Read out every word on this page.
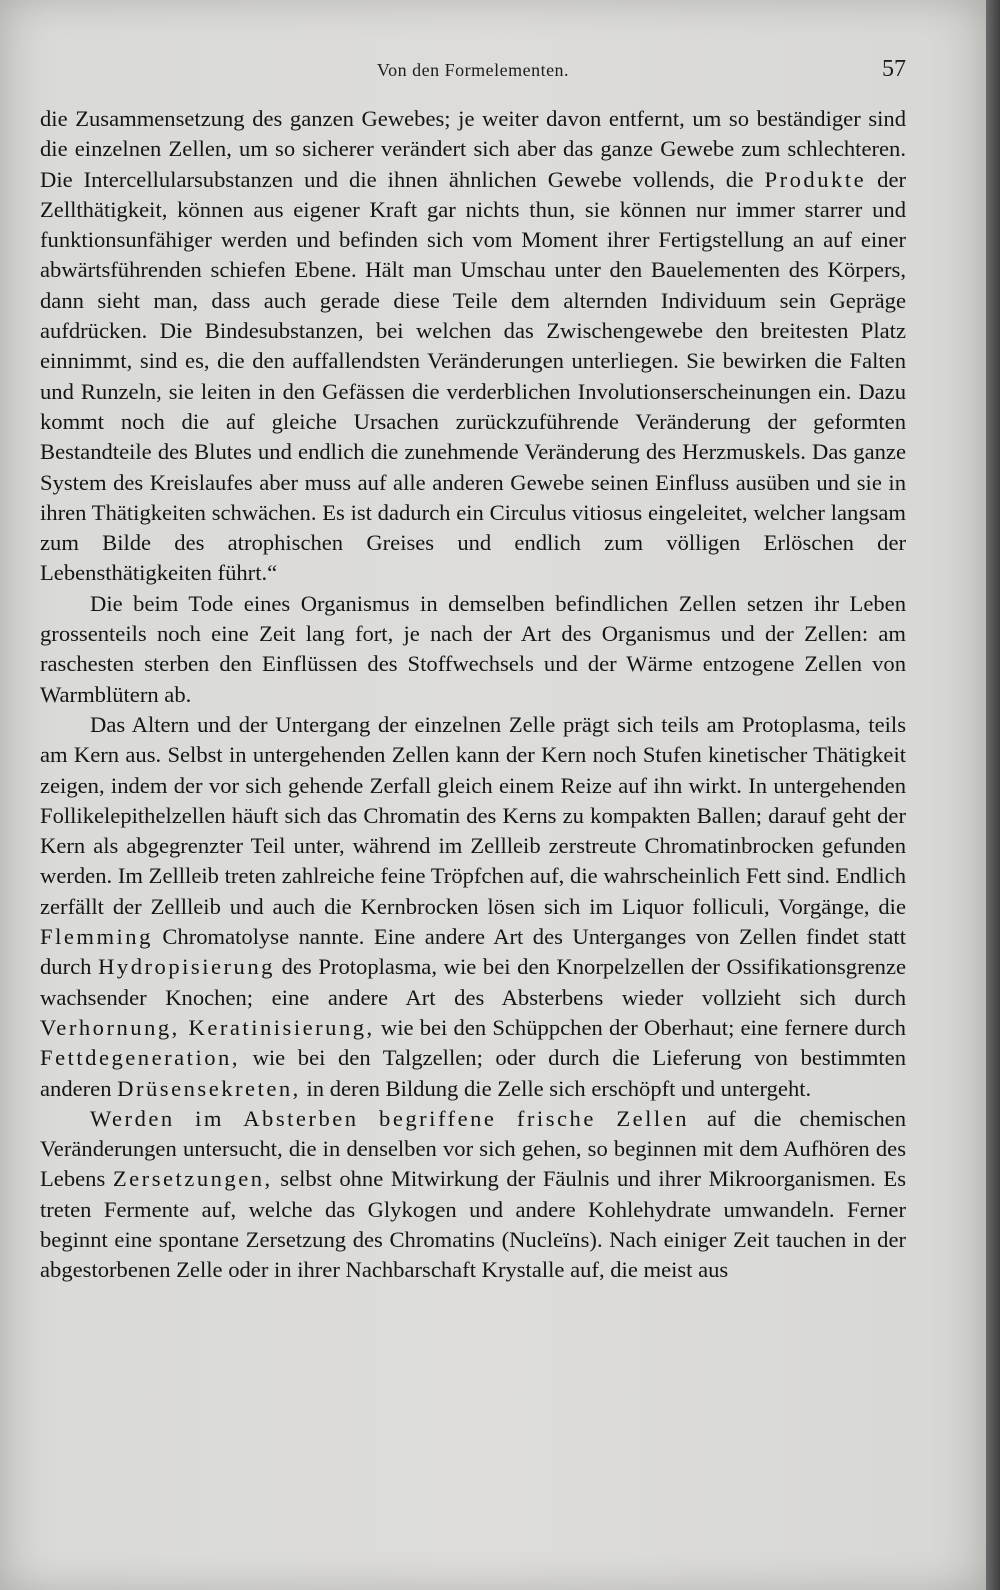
Von den Formelementen.	57

die Zusammensetzung des ganzen Gewebes; je weiter davon entfernt, um so beständiger sind die einzelnen Zellen, um so sicherer verändert sich aber das ganze Gewebe zum schlechteren. Die Intercellularsubstanzen und die ihnen ähnlichen Gewebe vollends, die Produkte der Zellthätigkeit, können aus eigener Kraft gar nichts thun, sie können nur immer starrer und funktionsunfähiger werden und befinden sich vom Moment ihrer Fertigstellung an auf einer abwärtsführenden schiefen Ebene. Hält man Umschau unter den Bauelementen des Körpers, dann sieht man, dass auch gerade diese Teile dem alternden Individuum sein Gepräge aufdrücken. Die Bindesubstanzen, bei welchen das Zwischengewebe den breitesten Platz einnimmt, sind es, die den auffallendsten Veränderungen unterliegen. Sie bewirken die Falten und Runzeln, sie leiten in den Gefässen die verderblichen Involutionserscheinungen ein. Dazu kommt noch die auf gleiche Ursachen zurückzuführende Veränderung der geformten Bestandteile des Blutes und endlich die zunehmende Veränderung des Herzmuskels. Das ganze System des Kreislaufes aber muss auf alle anderen Gewebe seinen Einfluss ausüben und sie in ihren Thätigkeiten schwächen. Es ist dadurch ein Circulus vitiosus eingeleitet, welcher langsam zum Bilde des atrophischen Greises und endlich zum völligen Erlöschen der Lebensthätigkeiten führt.“

Die beim Tode eines Organismus in demselben befindlichen Zellen setzen ihr Leben grossenteils noch eine Zeit lang fort, je nach der Art des Organismus und der Zellen: am raschesten sterben den Einflüssen des Stoffwechsels und der Wärme entzogene Zellen von Warmblütern ab.

Das Altern und der Untergang der einzelnen Zelle prägt sich teils am Protoplasma, teils am Kern aus. Selbst in untergehenden Zellen kann der Kern noch Stufen kinetischer Thätigkeit zeigen, indem der vor sich gehende Zerfall gleich einem Reize auf ihn wirkt. In untergehenden Follikelepithelzellen häuft sich das Chromatin des Kerns zu kompakten Ballen; darauf geht der Kern als abgegrenzter Teil unter, während im Zellleib zerstreute Chromatinbrocken gefunden werden. Im Zellleib treten zahlreiche feine Tröpfchen auf, die wahrscheinlich Fett sind. Endlich zerfällt der Zellleib und auch die Kernbrocken lösen sich im Liquor folliculi, Vorgänge, die Flemming Chromatolyse nannte. Eine andere Art des Unterganges von Zellen findet statt durch Hydropisierung des Protoplasma, wie bei den Knorpelzellen der Ossifikationsgrenze wachsender Knochen; eine andere Art des Absterbens wieder vollzieht sich durch Verhornung, Keratinisierung, wie bei den Schüppchen der Oberhaut; eine fernere durch Fettdegeneration, wie bei den Talgzellen; oder durch die Lieferung von bestimmten anderen Drüsensekreten, in deren Bildung die Zelle sich erschöpft und untergeht.

Werden im Absterben begriffene frische Zellen auf die chemischen Veränderungen untersucht, die in denselben vor sich gehen, so beginnen mit dem Aufhören des Lebens Zersetzungen, selbst ohne Mitwirkung der Fäulnis und ihrer Mikroorganismen. Es treten Fermente auf, welche das Glykogen und andere Kohlehydrate umwandeln. Ferner beginnt eine spontane Zersetzung des Chromatins (Nucleïns). Nach einiger Zeit tauchen in der abgestorbenen Zelle oder in ihrer Nachbarschaft Krystalle auf, die meist aus
